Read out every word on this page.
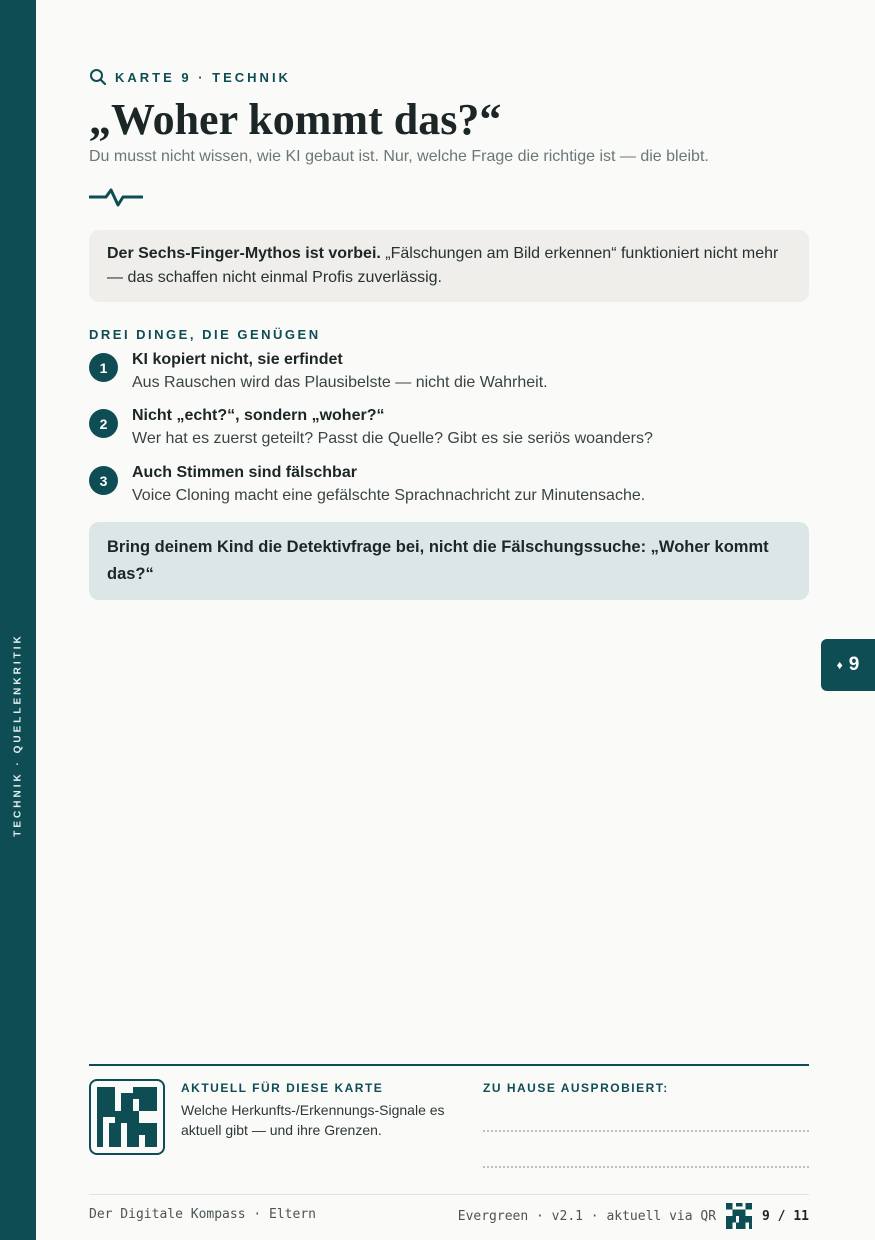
TECHNIK · QUELLENKRITIK	♦ 9
KARTE 9 · TECHNIK
„Woher kommt das?“
Du musst nicht wissen, wie KI gebaut ist. Nur, welche Frage die richtige ist — die bleibt.
Der Sechs-Finger-Mythos ist vorbei. „Fälschungen am Bild erkennen“ funktioniert nicht mehr — das schaffen nicht einmal Profis zuverlässig.
DREI DINGE, DIE GENÜGEN
1	KI kopiert nicht, sie erfindet
Aus Rauschen wird das Plausibelste — nicht die Wahrheit.
2	Nicht „echt?“, sondern „woher?“
Wer hat es zuerst geteilt? Passt die Quelle? Gibt es sie seriös woanders?
3	Auch Stimmen sind fälschbar
Voice Cloning macht eine gefälschte Sprachnachricht zur Minutensache.
Bring deinem Kind die Detektivfrage bei, nicht die Fälschungssuche: „Woher kommt das?“
AKTUELL FÜR DIESE KARTE
Welche Herkunfts-/Erkennungs-Signale es aktuell gibt — und ihre Grenzen.
ZU HAUSE AUSPROBIERT:
Der Digitale Kompass · Eltern	Evergreen · v2.1 · aktuell via QR	9 / 11
